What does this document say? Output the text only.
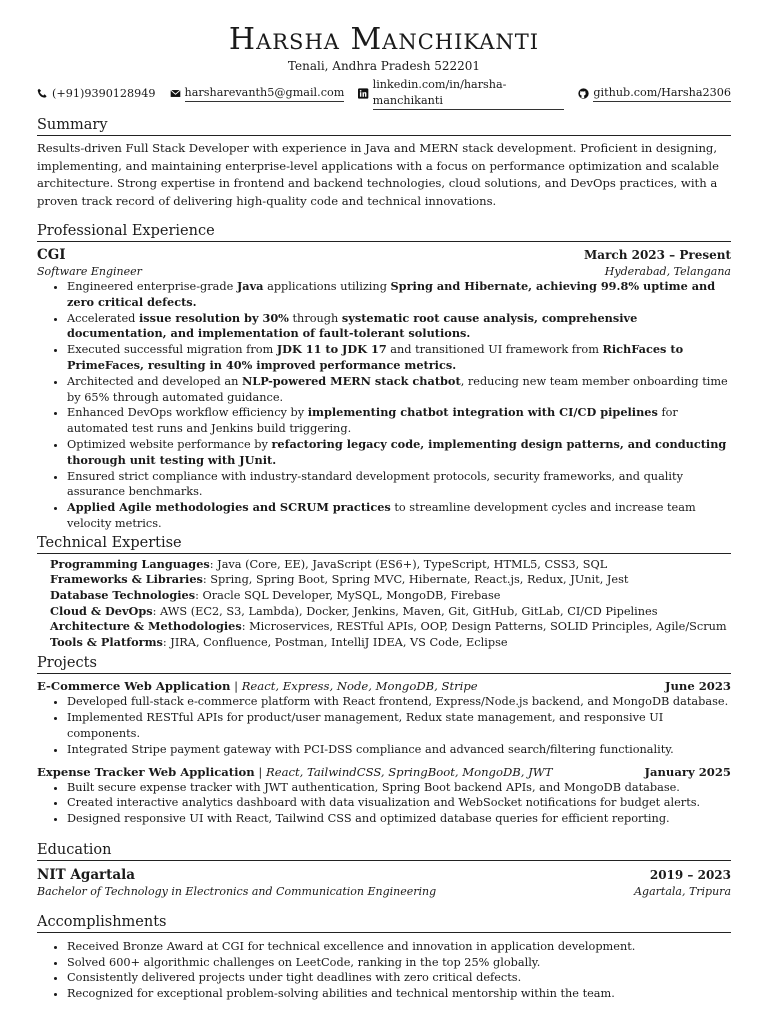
Harsha Manchikanti
Tenali, Andhra Pradesh 522201
(+91)9390128949	harsharevanth5@gmail.com
linkedin.com/in/harsha-manchikanti
github.com/Harsha2306
Summary
Results-driven Full Stack Developer with experience in Java and MERN stack development. Proficient in designing, implementing, and maintaining enterprise-level applications with a focus on performance optimization and scalable architecture. Strong expertise in frontend and backend technologies, cloud solutions, and DevOps practices, with a proven track record of delivering high-quality code and technical innovations.
Professional Experience
CGI	March 2023 – Present
Software Engineer	Hyderabad, Telangana
• Engineered enterprise-grade Java applications utilizing Spring and Hibernate, achieving 99.8% uptime and zero critical defects.
• Accelerated issue resolution by 30% through systematic root cause analysis, comprehensive documentation, and implementation of fault-tolerant solutions.
• Executed successful migration from JDK 11 to JDK 17 and transitioned UI framework from RichFaces to PrimeFaces, resulting in 40% improved performance metrics.
• Architected and developed an NLP-powered MERN stack chatbot, reducing new team member onboarding time by 65% through automated guidance.
• Enhanced DevOps workflow efficiency by implementing chatbot integration with CI/CD pipelines for automated test runs and Jenkins build triggering.
• Optimized website performance by refactoring legacy code, implementing design patterns, and conducting thorough unit testing with JUnit.
• Ensured strict compliance with industry-standard development protocols, security frameworks, and quality assurance benchmarks.
• Applied Agile methodologies and SCRUM practices to streamline development cycles and increase team velocity metrics.
Technical Expertise
Programming Languages: Java (Core, EE), JavaScript (ES6+), TypeScript, HTML5, CSS3, SQL
Frameworks & Libraries: Spring, Spring Boot, Spring MVC, Hibernate, React.js, Redux, JUnit, Jest
Database Technologies: Oracle SQL Developer, MySQL, MongoDB, Firebase
Cloud & DevOps: AWS (EC2, S3, Lambda), Docker, Jenkins, Maven, Git, GitHub, GitLab, CI/CD Pipelines
Architecture & Methodologies: Microservices, RESTful APIs, OOP, Design Patterns, SOLID Principles, Agile/Scrum
Tools & Platforms: JIRA, Confluence, Postman, IntelliJ IDEA, VS Code, Eclipse
Projects
E-Commerce Web Application | React, Express, Node, MongoDB, Stripe	June 2023
• Developed full-stack e-commerce platform with React frontend, Express/Node.js backend, and MongoDB database.
• Implemented RESTful APIs for product/user management, Redux state management, and responsive UI components.
• Integrated Stripe payment gateway with PCI-DSS compliance and advanced search/filtering functionality.
Expense Tracker Web Application | React, TailwindCSS, SpringBoot, MongoDB, JWT	January 2025
• Built secure expense tracker with JWT authentication, Spring Boot backend APIs, and MongoDB database.
• Created interactive analytics dashboard with data visualization and WebSocket notifications for budget alerts.
• Designed responsive UI with React, Tailwind CSS and optimized database queries for efficient reporting.
Education
NIT Agartala	2019 – 2023
Bachelor of Technology in Electronics and Communication Engineering	Agartala, Tripura
Accomplishments
• Received Bronze Award at CGI for technical excellence and innovation in application development.
• Solved 600+ algorithmic challenges on LeetCode, ranking in the top 25% globally.
• Consistently delivered projects under tight deadlines with zero critical defects.
• Recognized for exceptional problem-solving abilities and technical mentorship within the team.
